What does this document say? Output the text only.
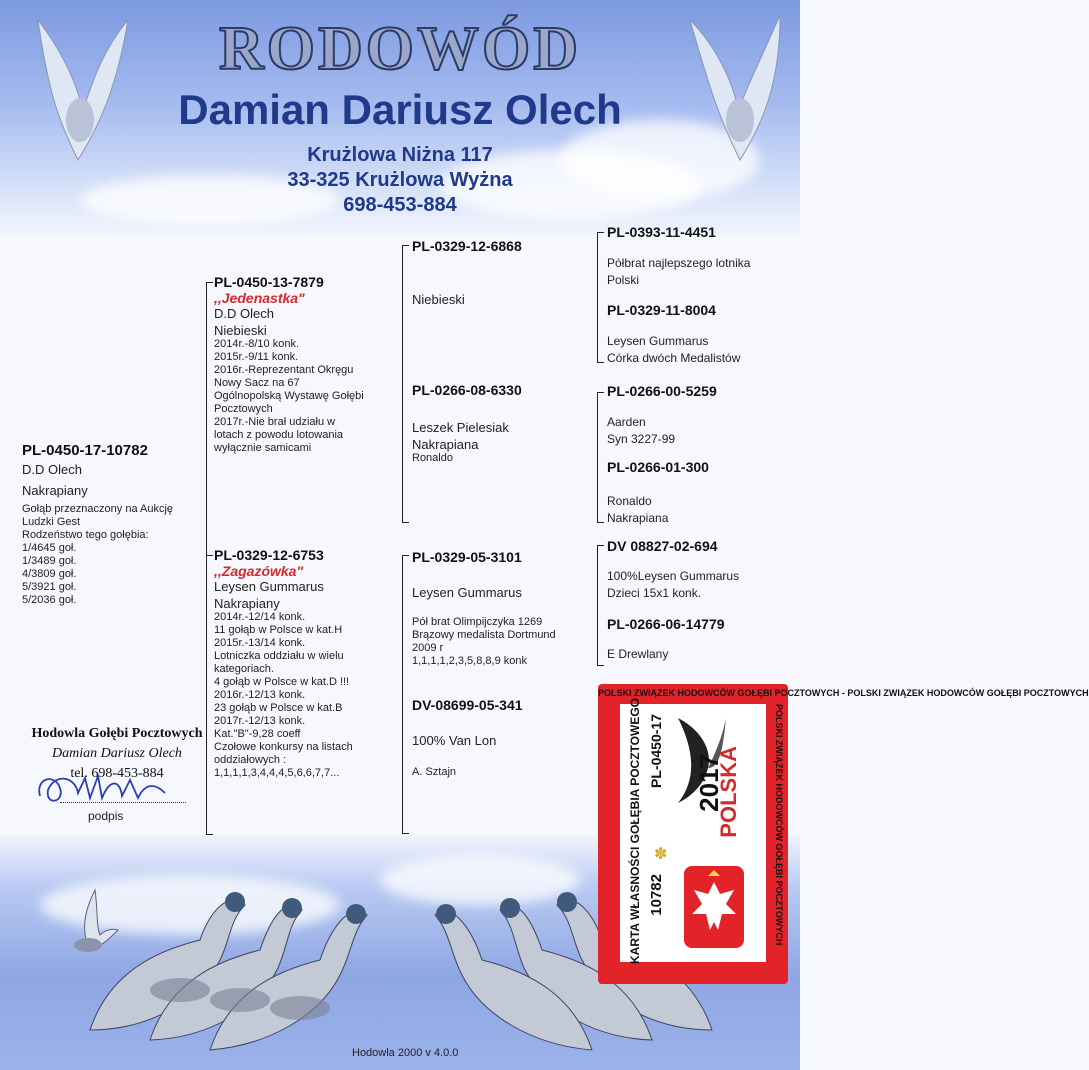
RODOWÓD
Damian Dariusz Olech
Krużlowa Niżna 117
33-325 Krużlowa Wyżna
698-453-884
PL-0450-17-10782
D.D Olech
Nakrapiany
Gołąb przeznaczony na Aukcję
Ludzki Gest
Rodzeństwo tego gołębia:
1/4645 goł.
1/3489 goł.
4/3809 goł.
5/3921 goł.
5/2036 goł.
PL-0450-13-7879
,,Jedenastka"
D.D Olech
Niebieski
2014r.-8/10 konk.
2015r.-9/11 konk.
2016r.-Reprezentant Okręgu
Nowy Sacz na 67
Ogólnopolską Wystawę Gołębi
Pocztowych
2017r.-Nie brał udziału w
lotach z powodu lotowania
wyłącznie samicami
PL-0329-12-6753
,,Zagazówka"
Leysen Gummarus
Nakrapiany
2014r.-12/14 konk.
11 gołąb w Polsce w kat.H
2015r.-13/14 konk.
Lotniczka oddziału w wielu
kategoriach.
4 gołąb w Polsce w kat.D !!!
2016r.-12/13 konk.
23 gołąb w Polsce w kat.B
2017r.-12/13 konk.
Kat."B"-9,28 coeff
Czołowe konkursy na listach
oddziałowych :
1,1,1,1,3,4,4,4,5,6,6,7,7...
PL-0329-12-6868
Niebieski
PL-0266-08-6330
Leszek Pielesiak
Nakrapiana
Ronaldo
PL-0329-05-3101
Leysen Gummarus
Pół brat Olimpijczyka 1269
Brązowy medalista Dortmund
2009 r
1,1,1,1,2,3,5,8,8,9 konk
DV-08699-05-341
100% Van Lon
A. Sztajn
PL-0393-11-4451
Półbrat najlepszego lotnika
Polski
PL-0329-11-8004
Leysen Gummarus
Córka dwóch Medalistów
PL-0266-00-5259
Aarden
Syn 3227-99
PL-0266-01-300
Ronaldo
Nakrapiana
DV 08827-02-694
100%Leysen Gummarus
Dzieci 15x1 konk.
PL-0266-06-14779
E Drewlany
Hodowla Gołębi Pocztowych
Damian Dariusz Olech
tel. 698-453-884
podpis
Hodowla 2000 v 4.0.0
POLSKI ZWIĄZEK HODOWCÓW GOŁĘBI POCZTOWYCH - POLSKI ZWIĄZEK HODOWCÓW GOŁĘBI POCZTOWYCH
POLSKI ZWIĄZEK HODOWCÓW GOŁĘBI POCZTOWYCH
KARTA WŁASNOŚCI GOŁĘBIA POCZTOWEGO PL-0450-17
✽
10782
POLSKA
2017
